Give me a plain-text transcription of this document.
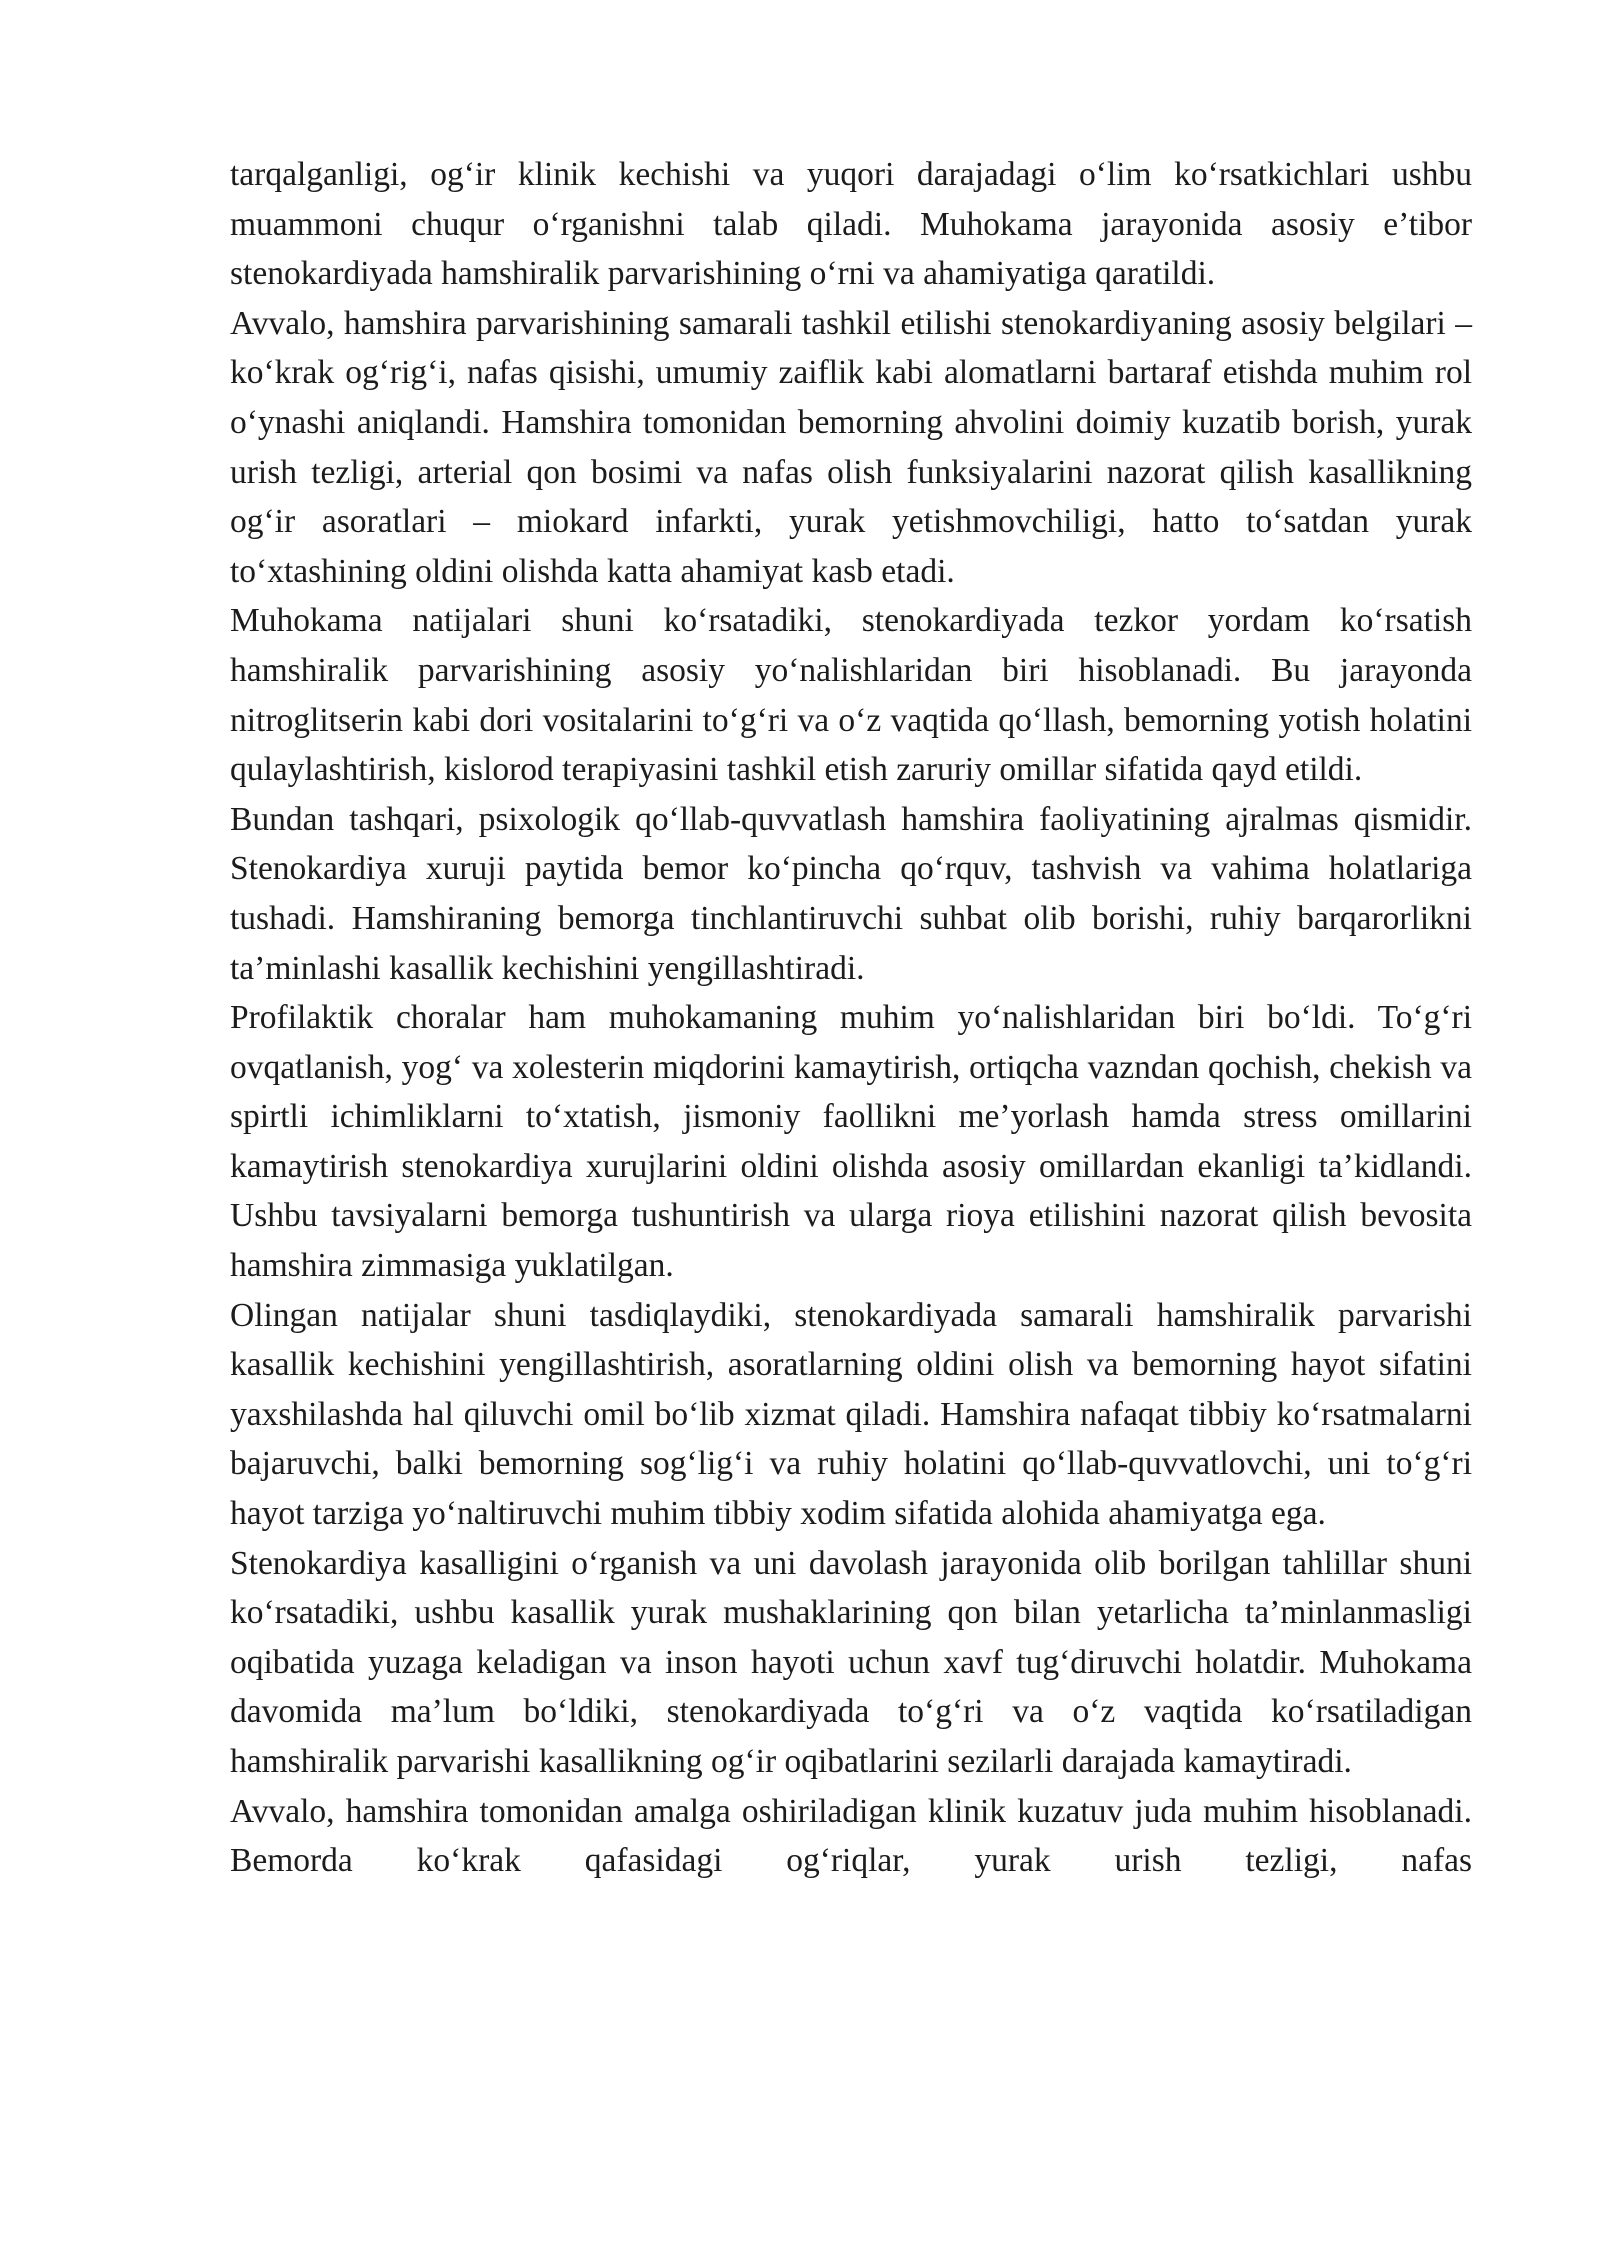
tarqalganligi, og‘ir klinik kechishi va yuqori darajadagi o‘lim ko‘rsatkichlari ushbu muammoni chuqur o‘rganishni talab qiladi. Muhokama jarayonida asosiy e’tibor stenokardiyada hamshiralik parvarishining o‘rni va ahamiyatiga qaratildi.

Avvalo, hamshira parvarishining samarali tashkil etilishi stenokardiyaning asosiy belgilari – ko‘krak og‘rig‘i, nafas qisishi, umumiy zaiflik kabi alomatlarni bartaraf etishda muhim rol o‘ynashi aniqlandi. Hamshira tomonidan bemorning ahvolini doimiy kuzatib borish, yurak urish tezligi, arterial qon bosimi va nafas olish funksiyalarini nazorat qilish kasallikning og‘ir asoratlari – miokard infarkti, yurak yetishmovchiligi, hatto to‘satdan yurak to‘xtashining oldini olishda katta ahamiyat kasb etadi.

Muhokama natijalari shuni ko‘rsatadiki, stenokardiyada tezkor yordam ko‘rsatish hamshiralik parvarishining asosiy yo‘nalishlaridan biri hisoblanadi. Bu jarayonda nitroglitserin kabi dori vositalarini to‘g‘ri va o‘z vaqtida qo‘llash, bemorning yotish holatini qulaylashtirish, kislorod terapiyasini tashkil etish zaruriy omillar sifatida qayd etildi.

Bundan tashqari, psixologik qo‘llab-quvvatlash hamshira faoliyatining ajralmas qismidir. Stenokardiya xuruji paytida bemor ko‘pincha qo‘rquv, tashvish va vahima holatlariga tushadi. Hamshiraning bemorga tinchlantiruvchi suhbat olib borishi, ruhiy barqarorlikni ta’minlashi kasallik kechishini yengillashtiradi.

Profilaktik choralar ham muhokamaning muhim yo‘nalishlaridan biri bo‘ldi. To‘g‘ri ovqatlanish, yog‘ va xolesterin miqdorini kamaytirish, ortiqcha vazndan qochish, chekish va spirtli ichimliklarni to‘xtatish, jismoniy faollikni me’yorlash hamda stress omillarini kamaytirish stenokardiya xurujlarini oldini olishda asosiy omillardan ekanligi ta’kidlandi. Ushbu tavsiyalarni bemorga tushuntirish va ularga rioya etilishini nazorat qilish bevosita hamshira zimmasiga yuklatilgan.

Olingan natijalar shuni tasdiqlaydiki, stenokardiyada samarali hamshiralik parvarishi kasallik kechishini yengillashtirish, asoratlarning oldini olish va bemorning hayot sifatini yaxshilashda hal qiluvchi omil bo‘lib xizmat qiladi. Hamshira nafaqat tibbiy ko‘rsatmalarni bajaruvchi, balki bemorning sog‘lig‘i va ruhiy holatini qo‘llab-quvvatlovchi, uni to‘g‘ri hayot tarziga yo‘naltiruvchi muhim tibbiy xodim sifatida alohida ahamiyatga ega.

Stenokardiya kasalligini o‘rganish va uni davolash jarayonida olib borilgan tahlillar shuni ko‘rsatadiki, ushbu kasallik yurak mushaklarining qon bilan yetarlicha ta’minlanmasligi oqibatida yuzaga keladigan va inson hayoti uchun xavf tug‘diruvchi holatdir. Muhokama davomida ma’lum bo‘ldiki, stenokardiyada to‘g‘ri va o‘z vaqtida ko‘rsatiladigan hamshiralik parvarishi kasallikning og‘ir oqibatlarini sezilarli darajada kamaytiradi.

Avvalo, hamshira tomonidan amalga oshiriladigan klinik kuzatuv juda muhim hisoblanadi. Bemorda ko‘krak qafasidagi og‘riqlar, yurak urish tezligi, nafas
